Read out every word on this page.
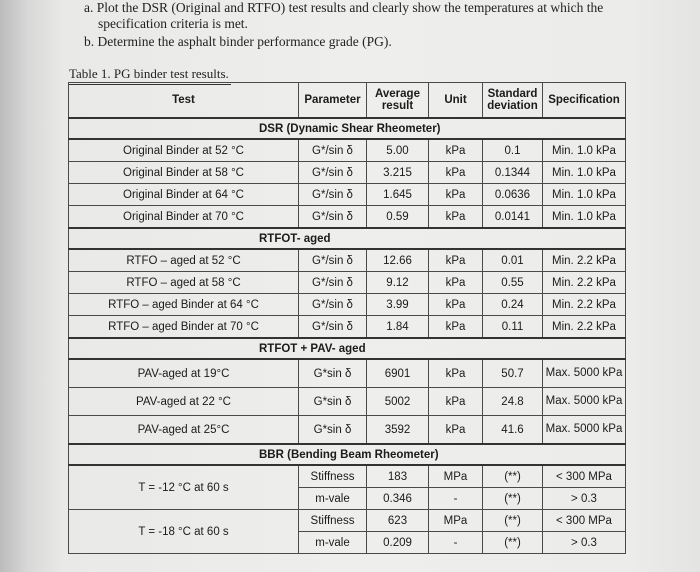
a. Plot the DSR (Original and RTFO) test results and clearly show the temperatures at which the
specification criteria is met.
b. Determine the asphalt binder performance grade (PG).
Table 1. PG binder test results.
Test	Parameter	Average result	Unit	Standard deviation	Specification
DSR (Dynamic Shear Rheometer)					
Original Binder at 52 °C	G*/sin δ	5.00	kPa	0.1	Min. 1.0 kPa
Original Binder at 58 °C	G*/sin δ	3.215	kPa	0.1344	Min. 1.0 kPa
Original Binder at 64 °C	G*/sin δ	1.645	kPa	0.0636	Min. 1.0 kPa
Original Binder at 70 °C	G*/sin δ	0.59	kPa	0.0141	Min. 1.0 kPa
RTFOT- aged					
RTFO – aged at 52 °C	G*/sin δ	12.66	kPa	0.01	Min. 2.2 kPa
RTFO – aged at 58 °C	G*/sin δ	9.12	kPa	0.55	Min. 2.2 kPa
RTFO – aged Binder at 64 °C	G*/sin δ	3.99	kPa	0.24	Min. 2.2 kPa
RTFO – aged Binder at 70 °C	G*/sin δ	1.84	kPa	0.11	Min. 2.2 kPa
RTFOT + PAV- aged					
PAV-aged at 19°C	G*sin δ	6901	kPa	50.7	Max. 5000 kPa
PAV-aged at 22 °C	G*sin δ	5002	kPa	24.8	Max. 5000 kPa
PAV-aged at 25°C	G*sin δ	3592	kPa	41.6	Max. 5000 kPa
BBR (Bending Beam Rheometer)					
T = -12 °C at 60 s	Stiffness	183	MPa	(**)	< 300 MPa
	m-vale	0.346	-	(**)	> 0.3
T = -18 °C at 60 s	Stiffness	623	MPa	(**)	< 300 MPa
	m-vale	0.209	-	(**)	> 0.3
